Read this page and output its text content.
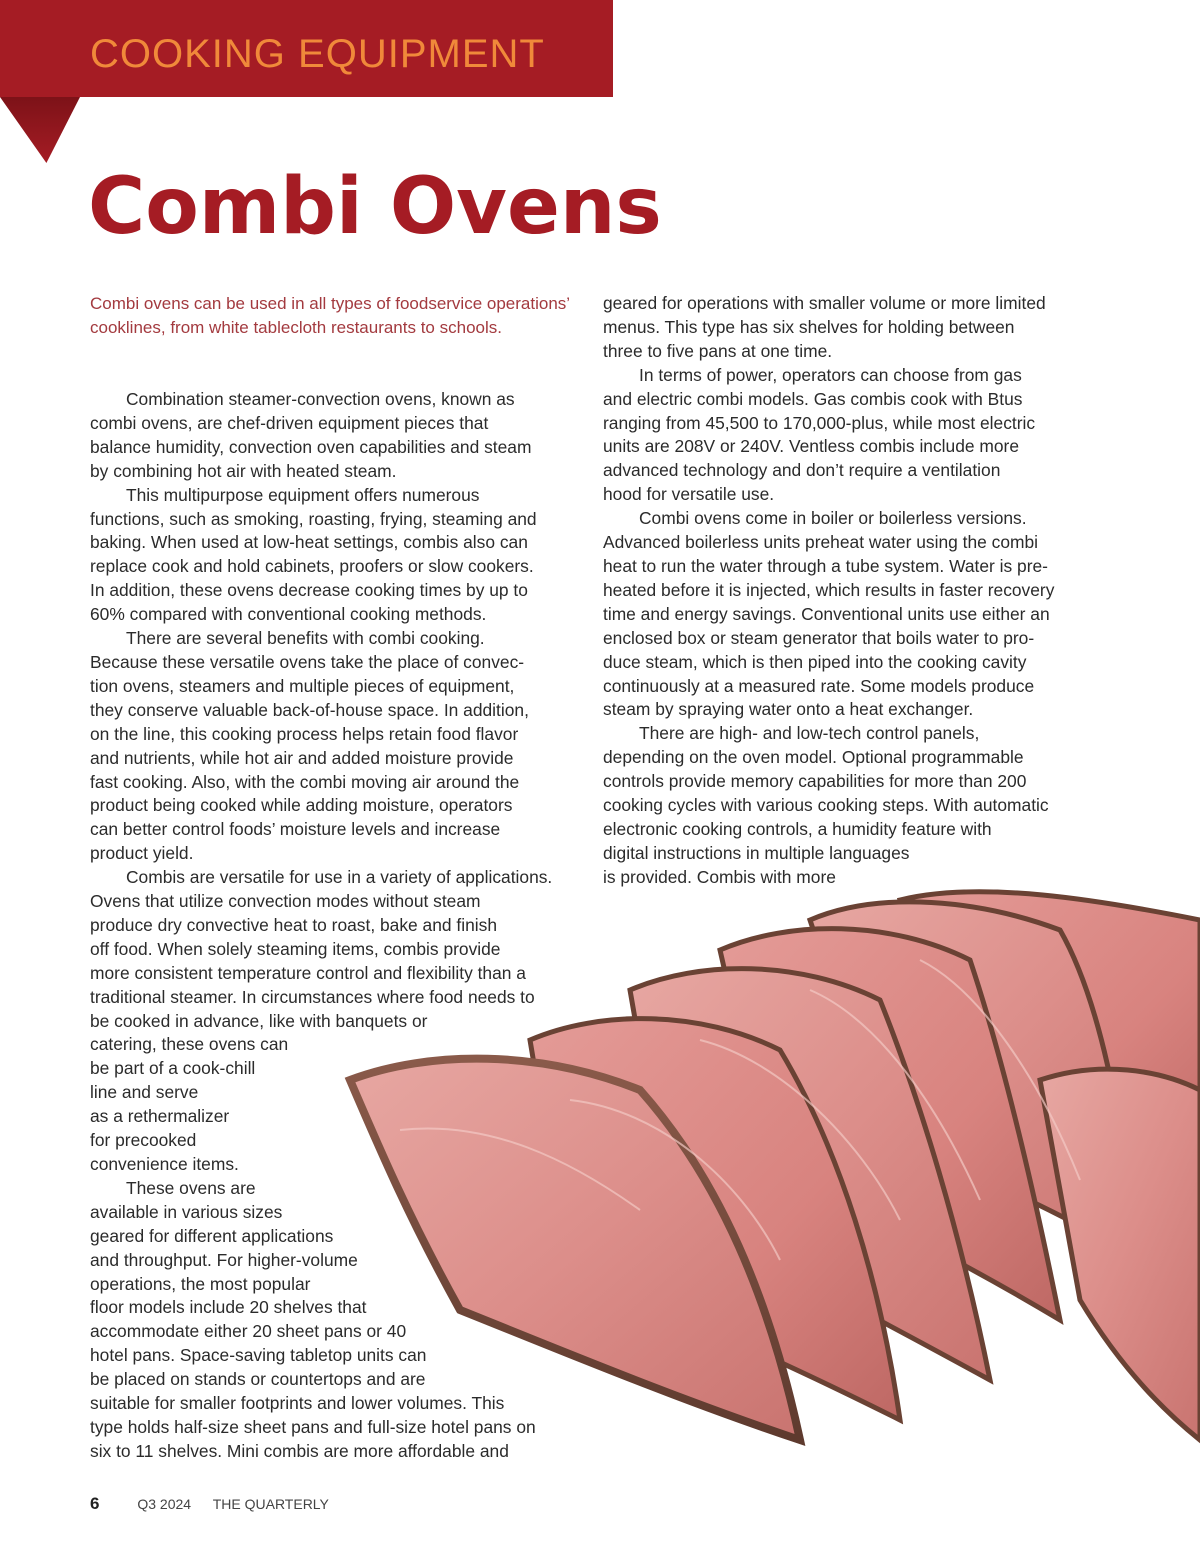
COOKING EQUIPMENT
Combi Ovens
Combi ovens can be used in all types of foodservice operations’ cooklines, from white tablecloth restaurants to schools.
Combination steamer-convection ovens, known as
combi ovens, are chef-driven equipment pieces that
balance humidity, convection oven capabilities and steam
by combining hot air with heated steam.
This multipurpose equipment offers numerous
functions, such as smoking, roasting, frying, steaming and
baking. When used at low-heat settings, combis also can
replace cook and hold cabinets, proofers or slow cookers.
In addition, these ovens decrease cooking times by up to
60% compared with conventional cooking methods.
There are several benefits with combi cooking.
Because these versatile ovens take the place of convec-
tion ovens, steamers and multiple pieces of equipment,
they conserve valuable back-of-house space. In addition,
on the line, this cooking process helps retain food flavor
and nutrients, while hot air and added moisture provide
fast cooking. Also, with the combi moving air around the
product being cooked while adding moisture, operators
can better control foods’ moisture levels and increase
product yield.
Combis are versatile for use in a variety of applications.
Ovens that utilize convection modes without steam
produce dry convective heat to roast, bake and finish
off food. When solely steaming items, combis provide
more consistent temperature control and flexibility than a
traditional steamer. In circumstances where food needs to
be cooked in advance, like with banquets or
catering, these ovens can
be part of a cook-chill
line and serve
as a rethermalizer
for precooked
convenience items.
These ovens are
available in various sizes
geared for different applications
and throughput. For higher-volume
operations, the most popular
floor models include 20 shelves that
accommodate either 20 sheet pans or 40
hotel pans. Space-saving tabletop units can
be placed on stands or countertops and are
suitable for smaller footprints and lower volumes. This
type holds half-size sheet pans and full-size hotel pans on
six to 11 shelves. Mini combis are more affordable and
geared for operations with smaller volume or more limited
menus. This type has six shelves for holding between
three to five pans at one time.
In terms of power, operators can choose from gas
and electric combi models. Gas combis cook with Btus
ranging from 45,500 to 170,000-plus, while most electric
units are 208V or 240V. Ventless combis include more
advanced technology and don’t require a ventilation
hood for versatile use.
Combi ovens come in boiler or boilerless versions.
Advanced boilerless units preheat water using the combi
heat to run the water through a tube system. Water is pre-
heated before it is injected, which results in faster recovery
time and energy savings. Conventional units use either an
enclosed box or steam generator that boils water to pro-
duce steam, which is then piped into the cooking cavity
continuously at a measured rate. Some models produce
steam by spraying water onto a heat exchanger.
There are high- and low-tech control panels,
depending on the oven model. Optional programmable
controls provide memory capabilities for more than 200
cooking cycles with various cooking steps. With automatic
electronic cooking controls, a humidity feature with
digital instructions in multiple languages
is provided. Combis with more
6	Q3 2024 THE QUARTERLY
